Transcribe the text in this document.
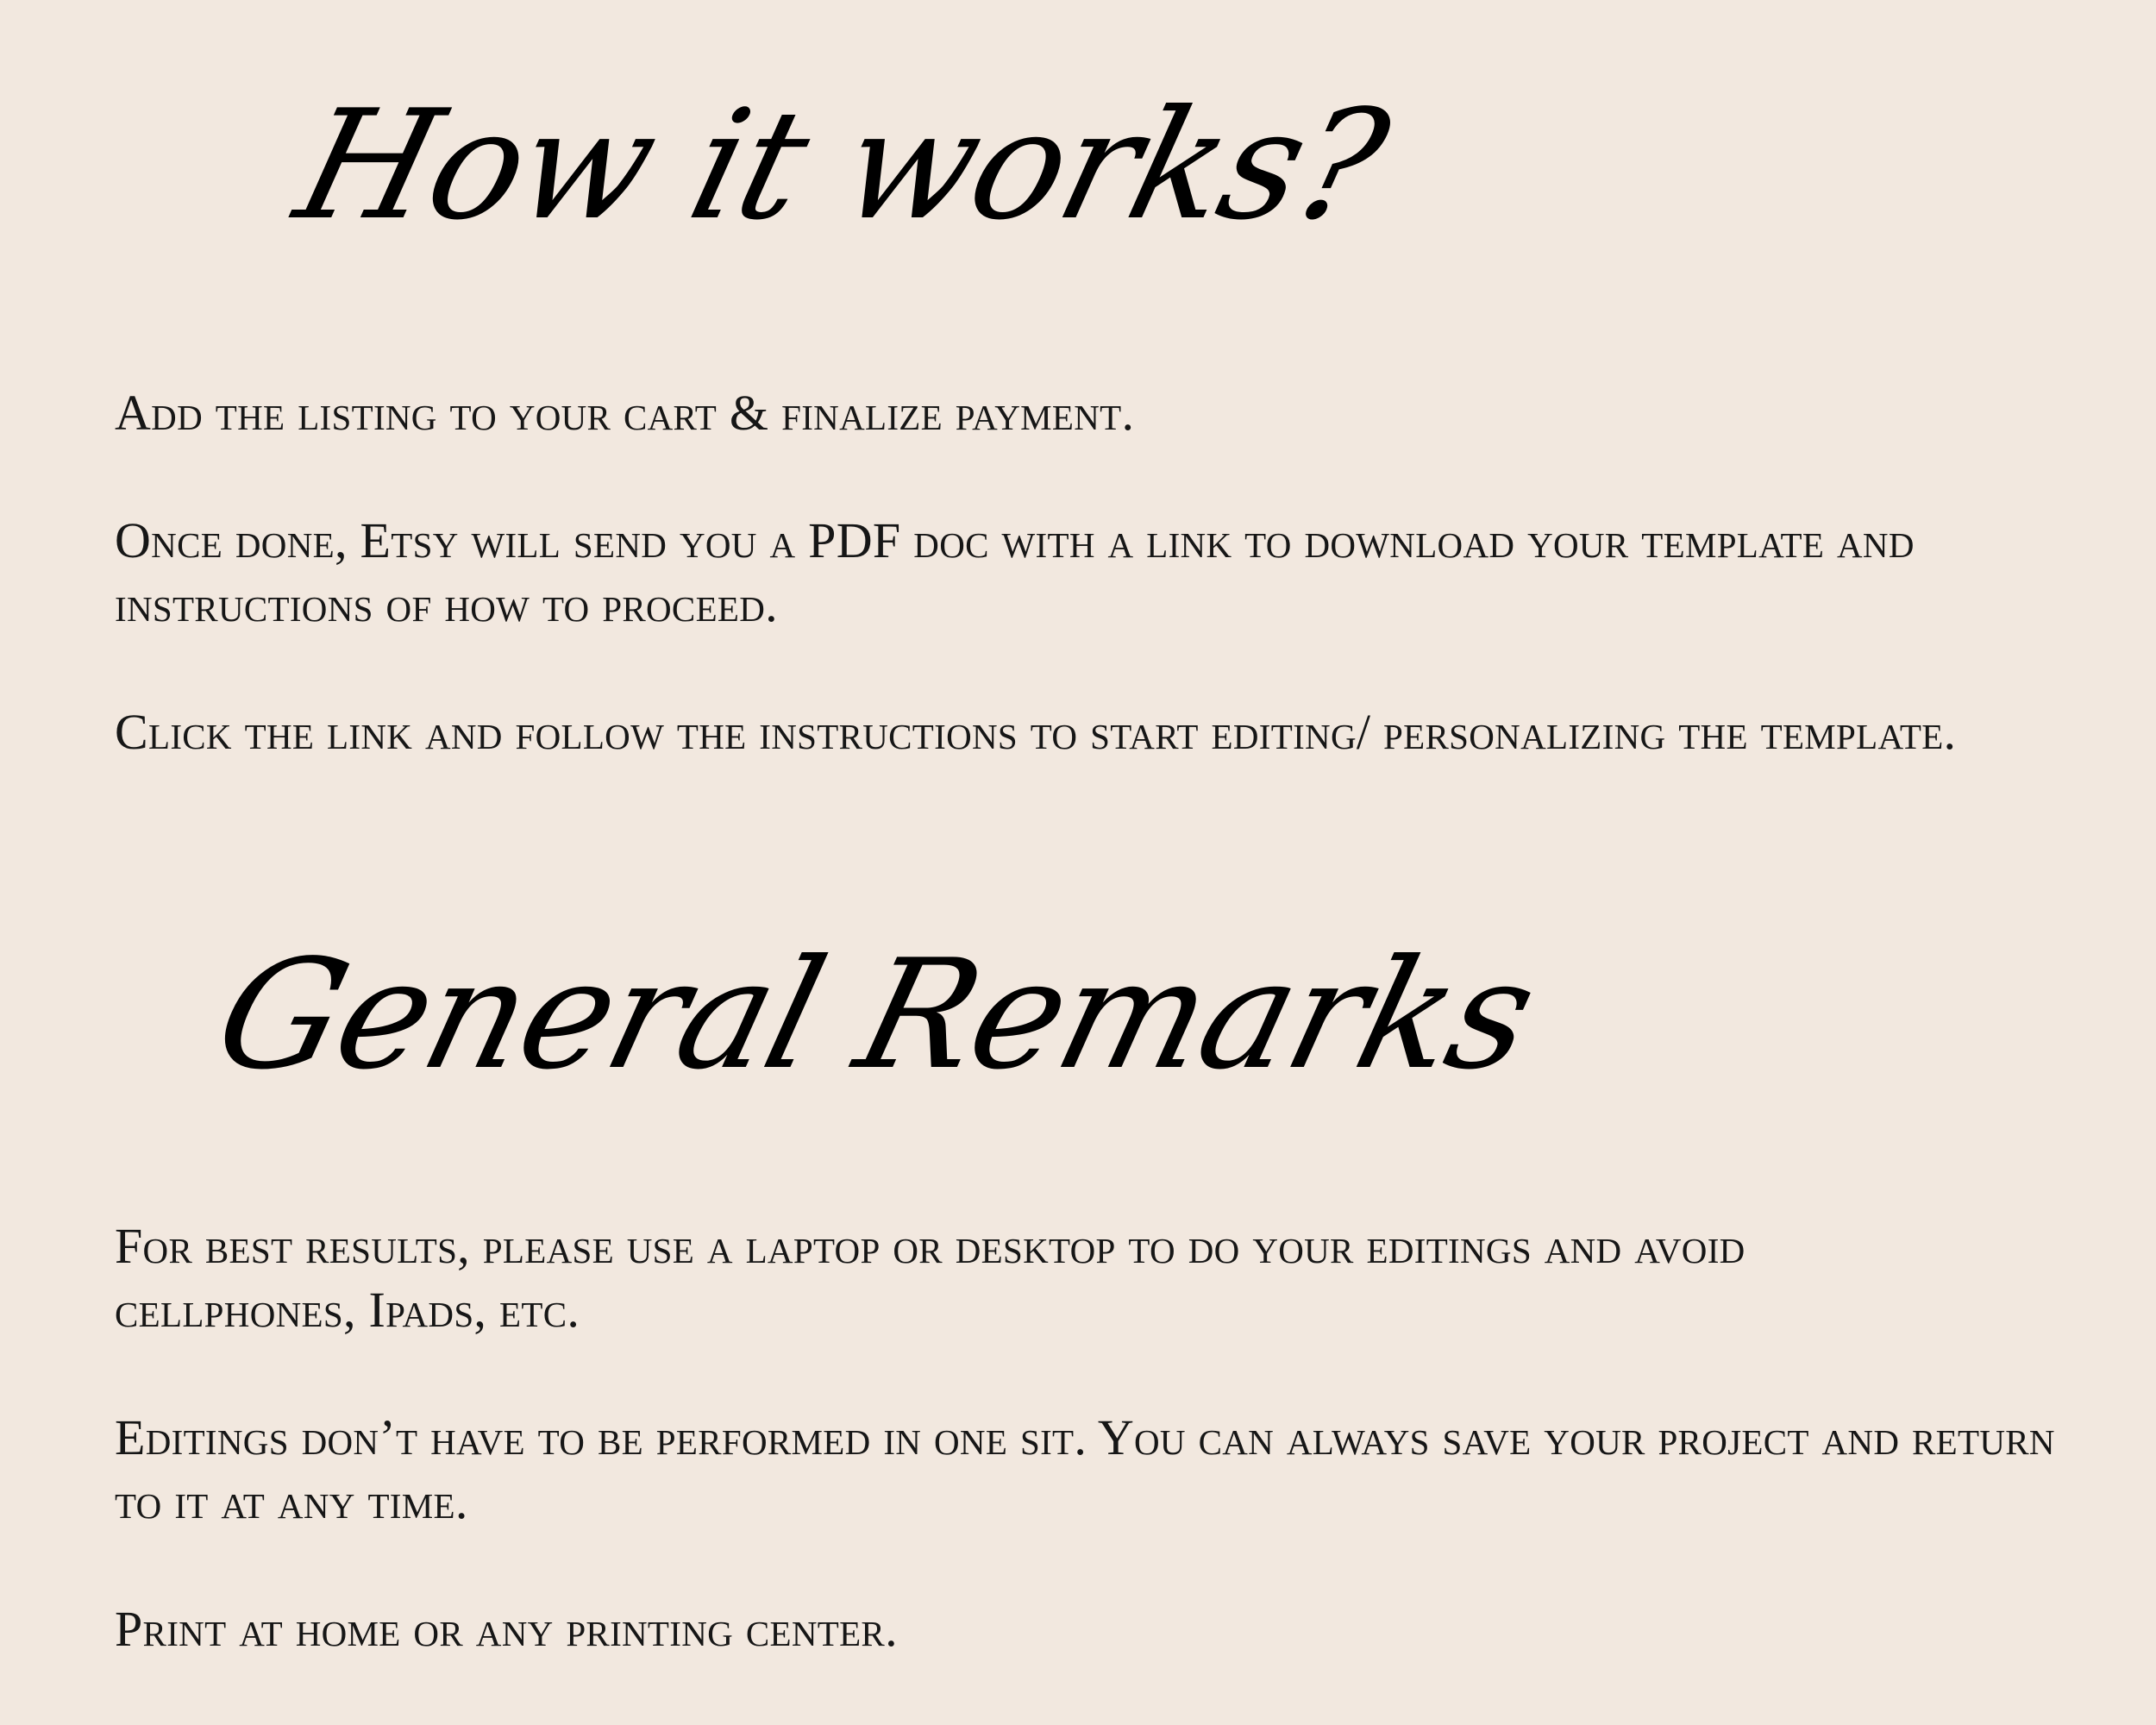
How it works?

Add the listing to your cart & finalize payment.

Once done, Etsy will send you a PDF doc with a link to download your template and instructions of how to proceed.

Click the link and follow the instructions to start editing/ personalizing the template.

General Remarks

For best results, please use a laptop or desktop to do your editings and avoid cellphones, Ipads, etc.

Editings don’t have to be performed in one sit. You can always save your project and return to it at any time.

Print at home or any printing center.
